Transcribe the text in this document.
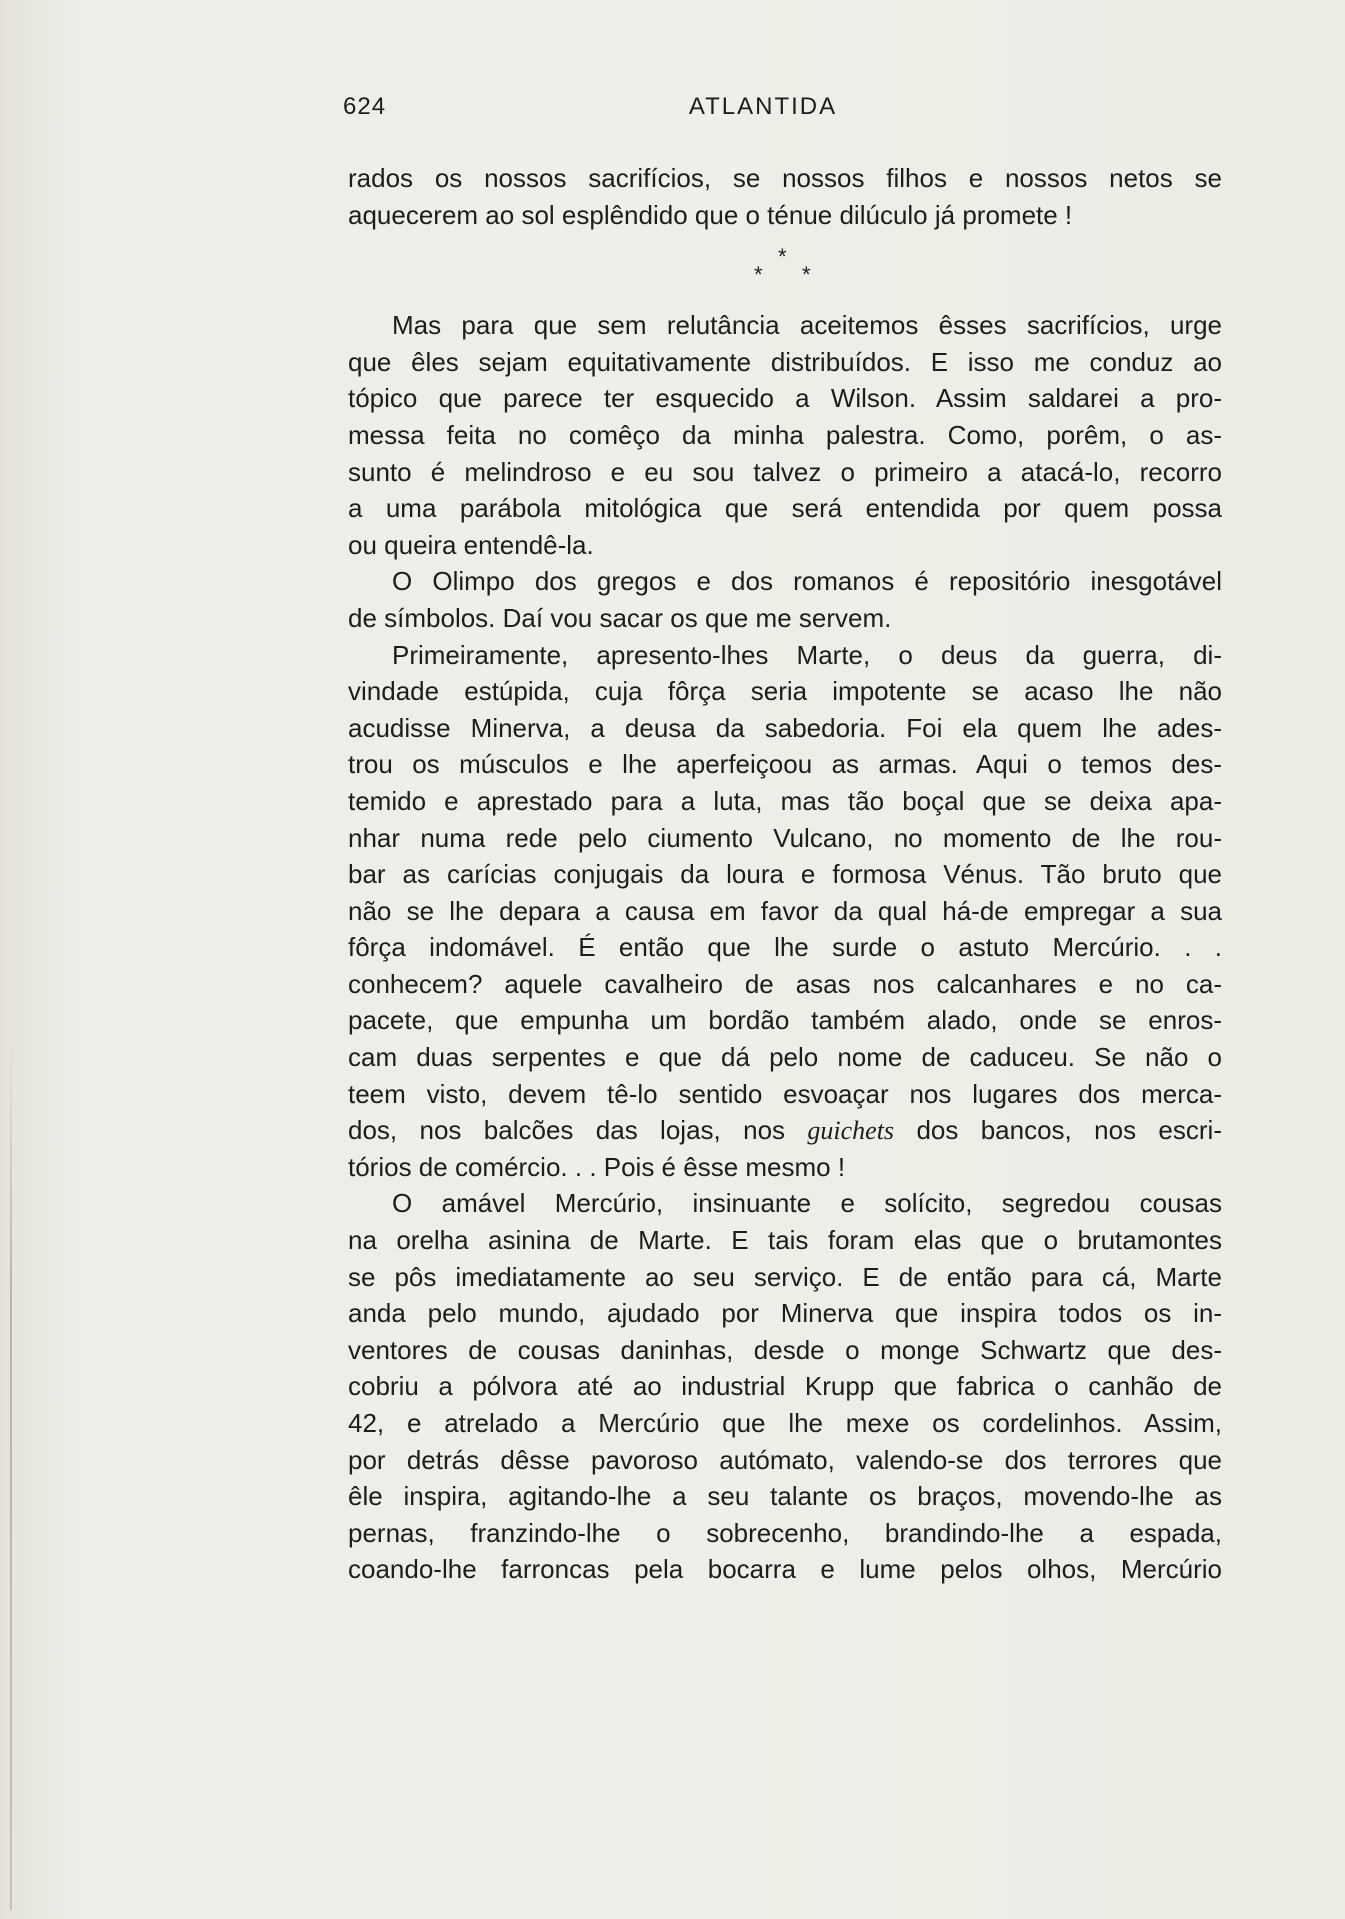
624	ATLANTIDA
rados os nossos sacrifícios, se nossos filhos e nossos netos se
aquecerem ao sol esplêndido que o ténue dilúculo já promete !
*
* *
Mas para que sem relutância aceitemos êsses sacrifícios, urge
que êles sejam equitativamente distribuídos. E isso me conduz ao
tópico que parece ter esquecido a Wilson. Assim saldarei a pro-
messa feita no comêço da minha palestra. Como, porêm, o as-
sunto é melindroso e eu sou talvez o primeiro a atacá-lo, recorro
a uma parábola mitológica que será entendida por quem possa
ou queira entendê-la.
O Olimpo dos gregos e dos romanos é repositório inesgotável
de símbolos. Daí vou sacar os que me servem.
Primeiramente, apresento-lhes Marte, o deus da guerra, di-
vindade estúpida, cuja fôrça seria impotente se acaso lhe não
acudisse Minerva, a deusa da sabedoria. Foi ela quem lhe ades-
trou os músculos e lhe aperfeiçoou as armas. Aqui o temos des-
temido e aprestado para a luta, mas tão boçal que se deixa apa-
nhar numa rede pelo ciumento Vulcano, no momento de lhe rou-
bar as carícias conjugais da loura e formosa Vénus. Tão bruto que
não se lhe depara a causa em favor da qual há-de empregar a sua
fôrça indomável. É então que lhe surde o astuto Mercúrio. . .
conhecem? aquele cavalheiro de asas nos calcanhares e no ca-
pacete, que empunha um bordão também alado, onde se enros-
cam duas serpentes e que dá pelo nome de caduceu. Se não o
teem visto, devem tê-lo sentido esvoaçar nos lugares dos merca-
dos, nos balcões das lojas, nos guichets dos bancos, nos escri-
tórios de comércio. . . Pois é êsse mesmo !
O amável Mercúrio, insinuante e solícito, segredou cousas
na orelha asinina de Marte. E tais foram elas que o brutamontes
se pôs imediatamente ao seu serviço. E de então para cá, Marte
anda pelo mundo, ajudado por Minerva que inspira todos os in-
ventores de cousas daninhas, desde o monge Schwartz que des-
cobriu a pólvora até ao industrial Krupp que fabrica o canhão de
42, e atrelado a Mercúrio que lhe mexe os cordelinhos. Assim,
por detrás dêsse pavoroso autómato, valendo-se dos terrores que
êle inspira, agitando-lhe a seu talante os braços, movendo-lhe as
pernas, franzindo-lhe o sobrecenho, brandindo-lhe a espada,
coando-lhe farroncas pela bocarra e lume pelos olhos, Mercúrio
